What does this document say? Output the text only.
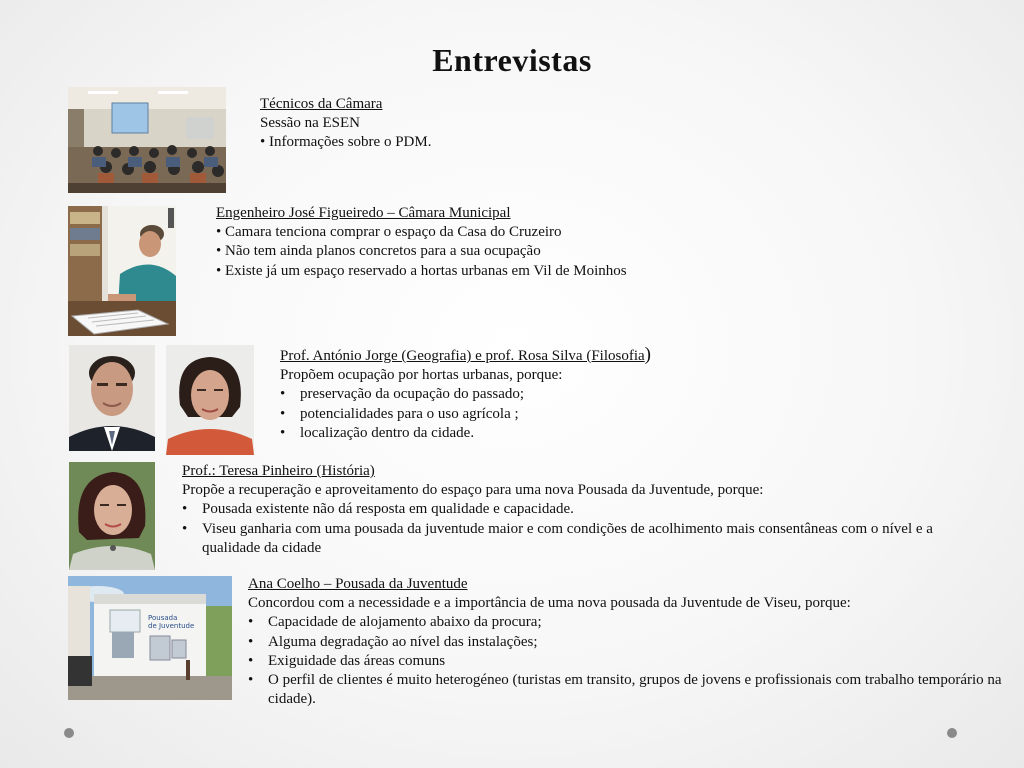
Entrevistas
Técnicos da Câmara
Sessão na ESEN
• Informações sobre o PDM.
Engenheiro José Figueiredo – Câmara Municipal
• Camara tenciona comprar o espaço da Casa do Cruzeiro
• Não tem ainda planos concretos para a sua ocupação
• Existe já um espaço reservado a hortas urbanas em Vil de Moinhos
Prof. António Jorge (Geografia) e prof. Rosa Silva (Filosofia)
Propõem ocupação por hortas urbanas, porque:
• preservação da ocupação do passado;
• potencialidades para o uso agrícola ;
• localização dentro da cidade.
Prof.: Teresa Pinheiro (História)
Propõe a recuperação e aproveitamento do espaço para uma nova Pousada da Juventude, porque:
• Pousada existente não dá resposta em qualidade e capacidade.
• Viseu ganharia com uma pousada da juventude maior e com condições de acolhimento mais consentâneas com o nível e a qualidade da cidade
Pousada
de Juventude
Ana Coelho – Pousada da Juventude
Concordou com a necessidade e a importância de uma nova pousada da Juventude de Viseu, porque:
• Capacidade de alojamento abaixo da procura;
• Alguma degradação ao nível das instalações;
• Exiguidade das áreas comuns
• O perfil de clientes é muito heterogéneo (turistas em transito, grupos de jovens e profissionais com trabalho temporário na cidade).
